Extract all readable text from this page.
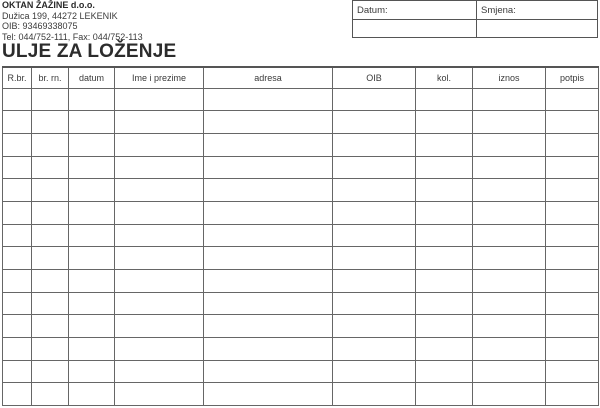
OKTAN ŽAŽINE d.o.o.
Dužica 199, 44272 LEKENIK
OIB: 93469338075
Tel: 044/752-111, Fax: 044/752-113
ULJE ZA LOŽENJE
Datum:	Smjena:
R.br.	br. rn.	datum	Ime i prezime	adresa	OIB	kol.	iznos	potpis
